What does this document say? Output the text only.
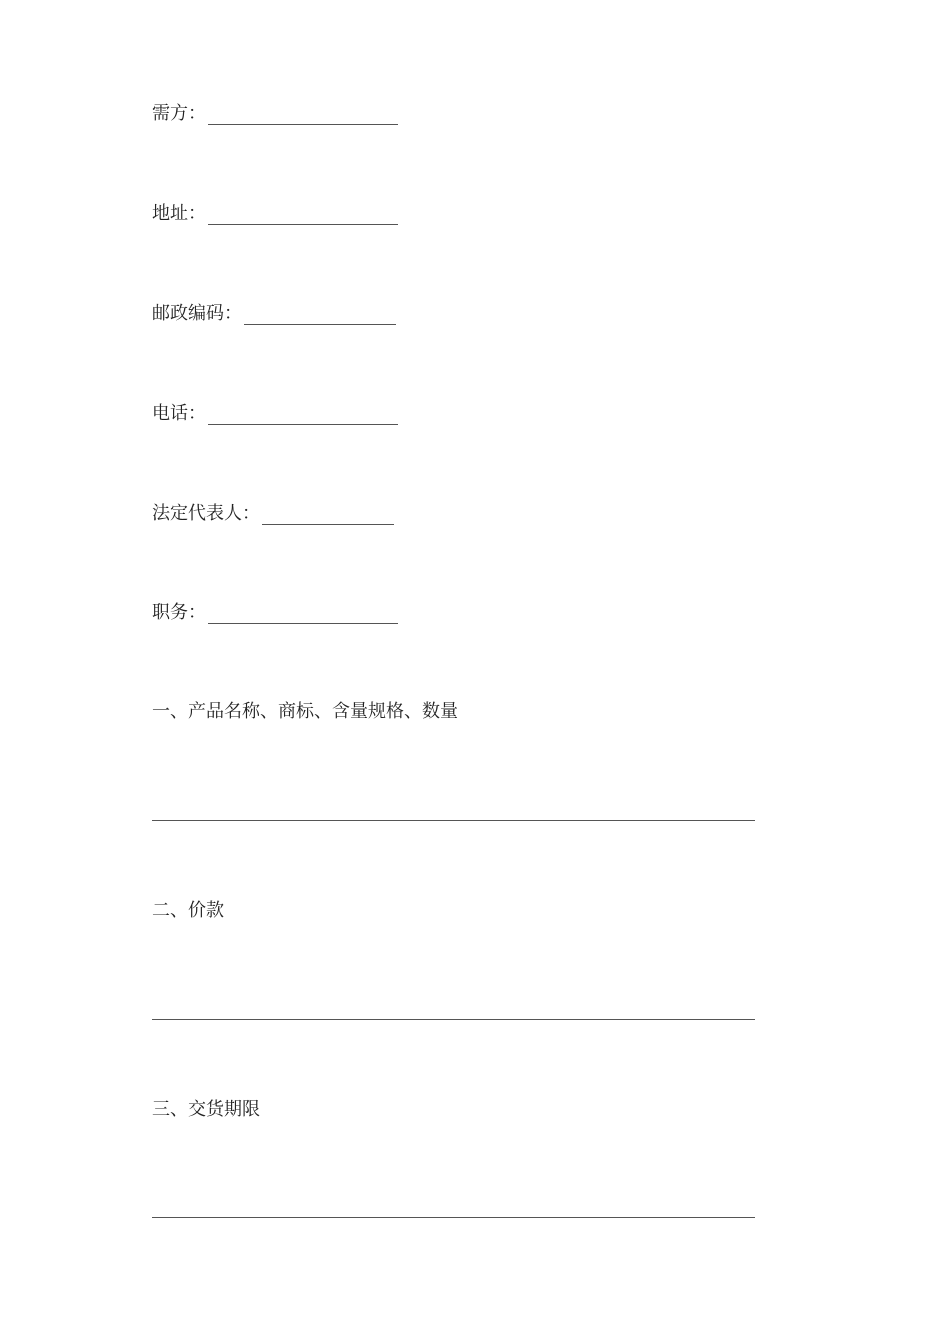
需方：
地址：
邮政编码：
电话：
法定代表人：
职务：
一、产品名称、商标、含量规格、数量
二、价款
三、交货期限
